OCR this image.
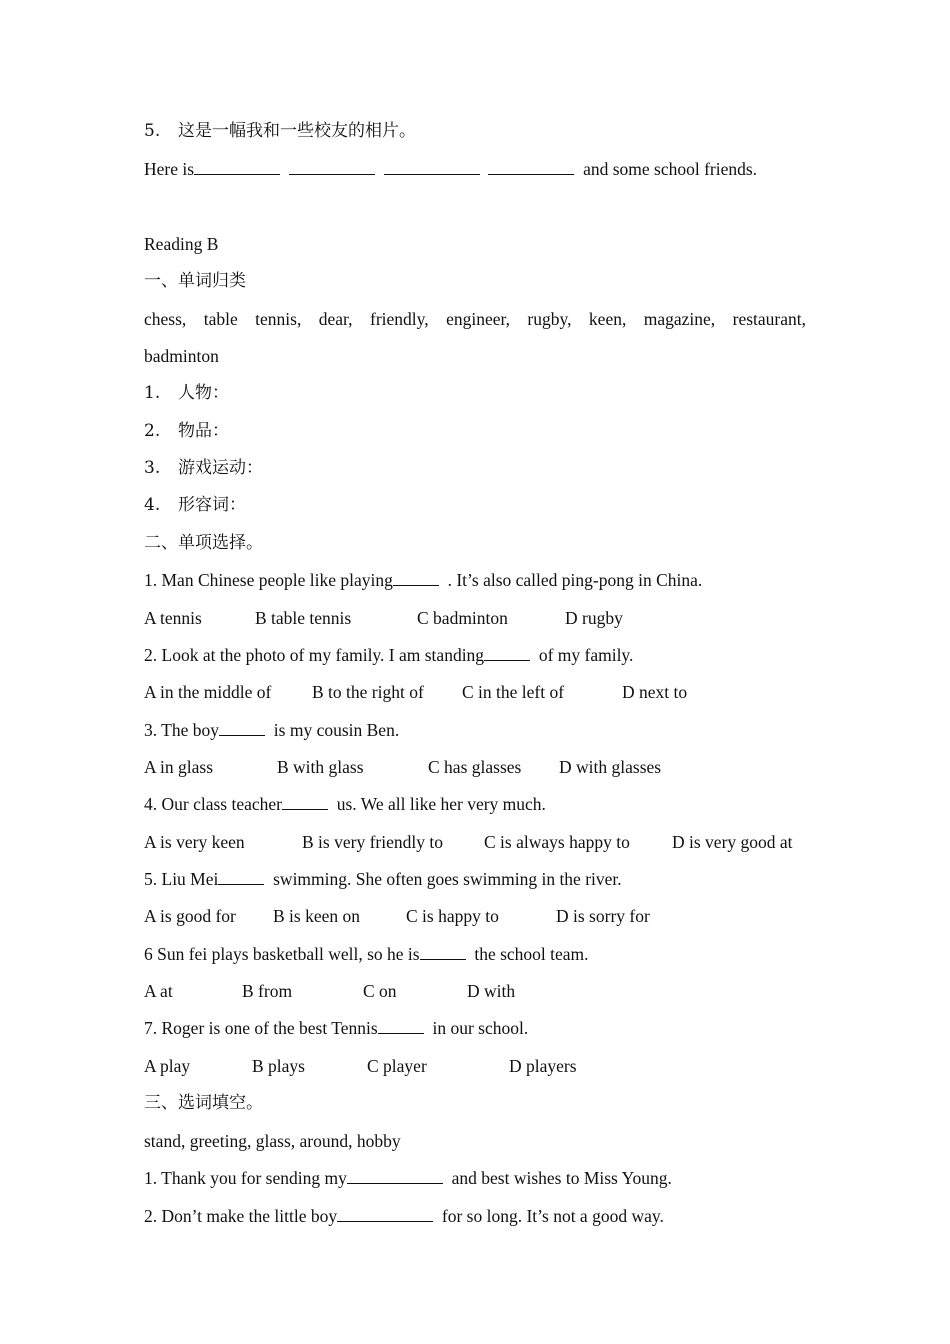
5. 这是一幅我和一些校友的相片。
Here is	and some school friends.
Reading B
一、单词归类
chess, table tennis, dear, friendly, engineer, rugby, keen, magazine, restaurant,
badminton
1. 人物：
2. 物品：
3. 游戏运动：
4. 形容词：
二、单项选择。
1. Man Chinese people like playing	. It’s also called ping-pong in China.
A tennis	B table tennis	C badminton	D rugby
2. Look at the photo of my family. I am standing	of my family.
A in the middle of B to the right of C in the left of	D next to
3. The boy	is my cousin Ben.
A in glass	B with glass	C has glasses D with glasses
4. Our class teacher	us. We all like her very much.
A is very keen	B is very friendly to C is always happy to D is very good at
5. Liu Mei	swimming. She often goes swimming in the river.
A is good for B is keen on	C is happy to	D is sorry for
6 Sun fei plays basketball well, so he is	the school team.
A at	B from	C on	D with
7. Roger is one of the best Tennis	in our school.
A play	B plays	C player	D players
三、选词填空。
stand, greeting, glass, around, hobby
1. Thank you for sending my	and best wishes to Miss Young.
2. Don’t make the little boy	for so long. It’s not a good way.
